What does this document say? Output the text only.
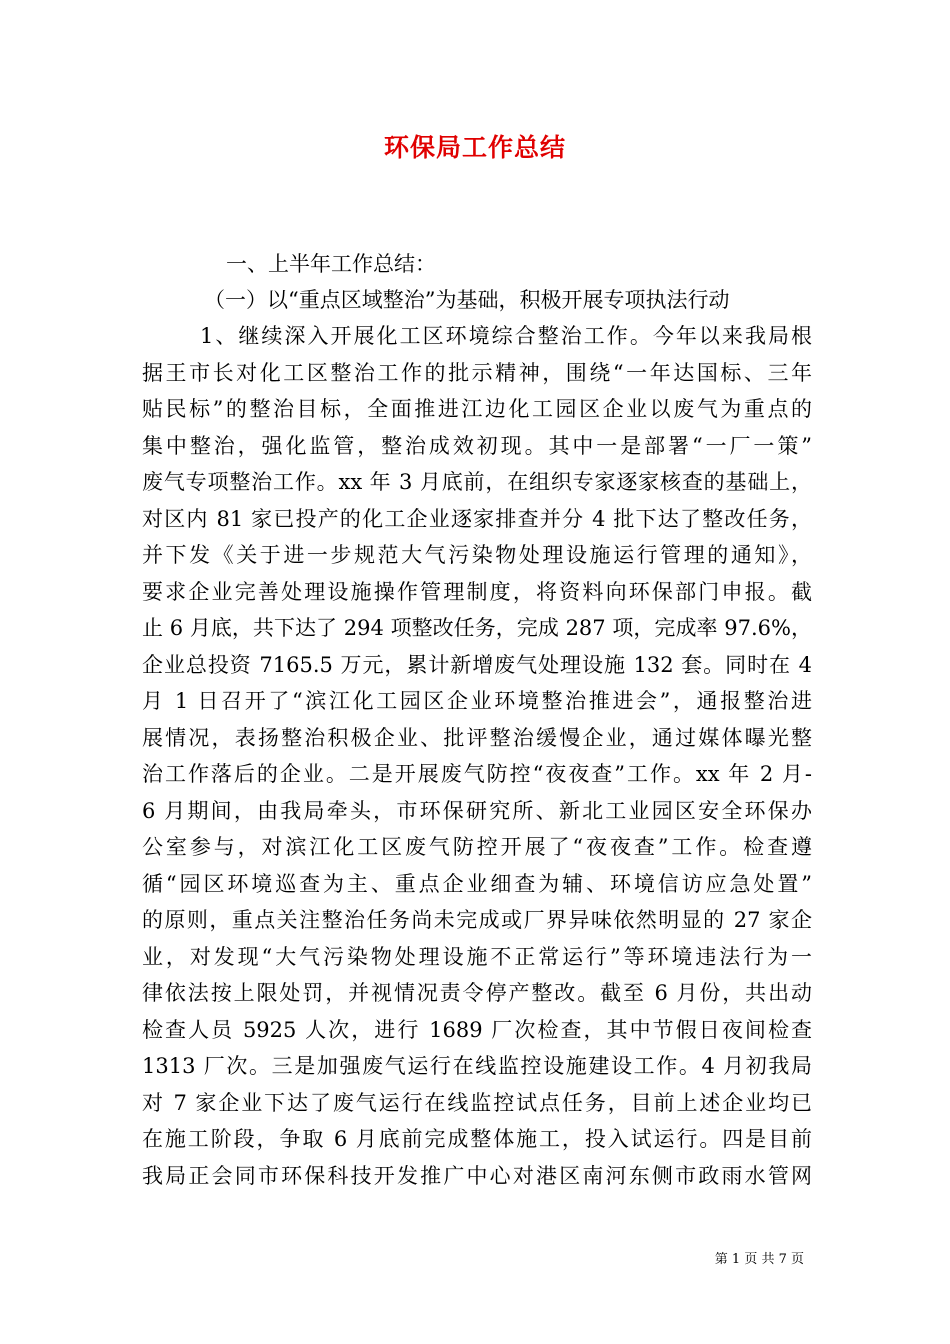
环保局工作总结
一、上半年工作总结：
（一）以“重点区域整治”为基础，积极开展专项执法行动
1、继续深入开展化工区环境综合整治工作。今年以来我局根
据王市长对化工区整治工作的批示精神，围绕“一年达国标、三年
贴民标”的整治目标，全面推进江边化工园区企业以废气为重点的
集中整治，强化监管，整治成效初现。其中一是部署“一厂一策”
废气专项整治工作。xx 年 3 月底前，在组织专家逐家核查的基础上，
对区内 81 家已投产的化工企业逐家排查并分 4 批下达了整改任务，
并下发《关于进一步规范大气污染物处理设施运行管理的通知》，
要求企业完善处理设施操作管理制度，将资料向环保部门申报。截
止 6 月底，共下达了 294 项整改任务，完成 287 项，完成率 97.6%，
企业总投资 7165.5 万元，累计新增废气处理设施 132 套。同时在 4
月 1 日召开了“滨江化工园区企业环境整治推进会”，通报整治进
展情况，表扬整治积极企业、批评整治缓慢企业，通过媒体曝光整
治工作落后的企业。二是开展废气防控“夜夜查”工作。xx 年 2 月-
6 月期间，由我局牵头，市环保研究所、新北工业园区安全环保办
公室参与，对滨江化工区废气防控开展了“夜夜查”工作。检查遵
循“园区环境巡查为主、重点企业细查为辅、环境信访应急处置”
的原则，重点关注整治任务尚未完成或厂界异味依然明显的 27 家企
业，对发现“大气污染物处理设施不正常运行”等环境违法行为一
律依法按上限处罚，并视情况责令停产整改。截至 6 月份，共出动
检查人员 5925 人次，进行 1689 厂次检查，其中节假日夜间检查
1313 厂次。三是加强废气运行在线监控设施建设工作。4 月初我局
对 7 家企业下达了废气运行在线监控试点任务，目前上述企业均已
在施工阶段，争取 6 月底前完成整体施工，投入试运行。四是目前
我局正会同市环保科技开发推广中心对港区南河东侧市政雨水管网
第 1 页 共 7 页
